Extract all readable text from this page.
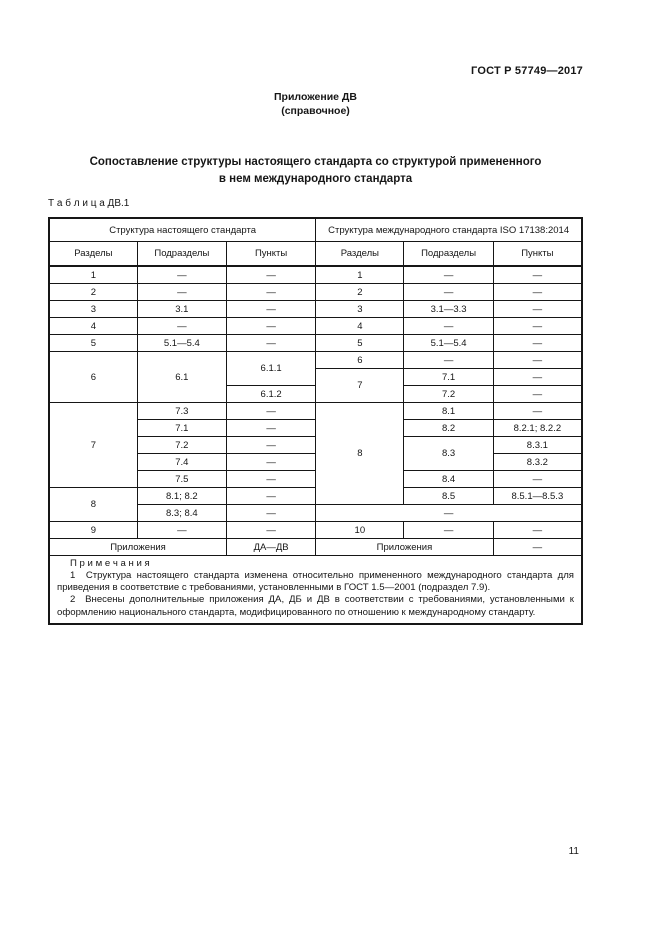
ГОСТ Р 57749—2017
Приложение ДВ
(справочное)
Сопоставление структуры настоящего стандарта со структурой примененного
в нем международного стандарта
Т а б л и ц а ДВ.1
Структура настоящего стандарта			Структура международного стандарта ISO 17138:2014		
Разделы	Подразделы	Пункты	Разделы	Подразделы	Пункты
1	—	—	1	—	—
2	—	—	2	—	—
3	3.1	—	3	3.1—3.3	—
4	—	—	4	—	—
5	5.1—5.4	—	5	5.1—5.4	—
6	6.1	6.1.1	6	—	—
			7	7.1	—
		6.1.2		7.2	—
7	7.3	—	8	8.1	—
	7.1	—		8.2	8.2.1; 8.2.2
	7.2	—		8.3	8.3.1
	7.4	—			8.3.2
	7.5	—		8.4	—
8	8.1; 8.2	—		8.5	8.5.1—8.5.3
	8.3; 8.4	—	—		
9	—	—	10	—	—
Приложения		ДА—ДВ	Приложения		—

П р и м е ч а н и я

1  Структура настоящего стандарта изменена относительно примененного международного стандарта для приведения в соответствие с требованиями, установленными в ГОСТ 1.5—2001 (подраздел 7.9).

2  Внесены дополнительные приложения ДА, ДБ и ДВ в соответствии с требованиями, установленными к оформлению национального стандарта, модифицированного по отношению к международному стандарту.					

11
